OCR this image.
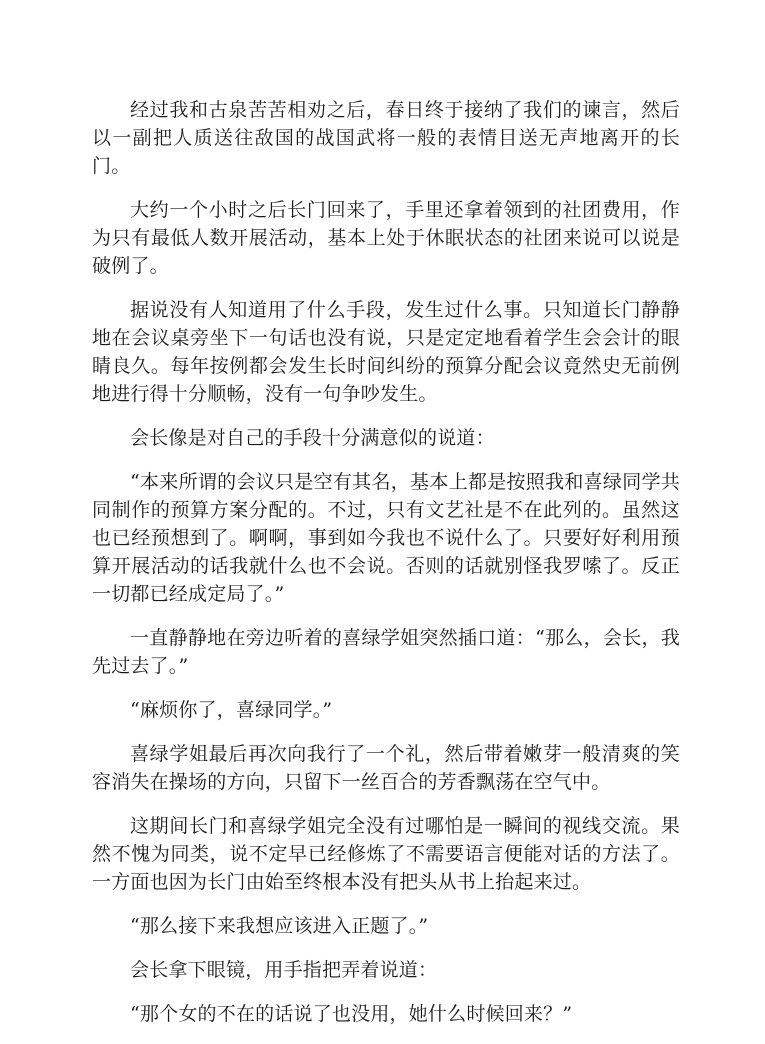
经过我和古泉苦苦相劝之后，春日终于接纳了我们的谏言，然后以一副把人质送往敌国的战国武将一般的表情目送无声地离开的长门。

大约一个小时之后长门回来了，手里还拿着领到的社团费用，作为只有最低人数开展活动，基本上处于休眠状态的社团来说可以说是破例了。

据说没有人知道用了什么手段，发生过什么事。只知道长门静静地在会议桌旁坐下一句话也没有说，只是定定地看着学生会会计的眼睛良久。每年按例都会发生长时间纠纷的预算分配会议竟然史无前例地进行得十分顺畅，没有一句争吵发生。

会长像是对自己的手段十分满意似的说道：

“本来所谓的会议只是空有其名，基本上都是按照我和喜绿同学共同制作的预算方案分配的。不过，只有文艺社是不在此列的。虽然这也已经预想到了。啊啊，事到如今我也不说什么了。只要好好利用预算开展活动的话我就什么也不会说。否则的话就别怪我罗嗦了。反正一切都已经成定局了。”

一直静静地在旁边听着的喜绿学姐突然插口道：“那么，会长，我先过去了。”

“麻烦你了，喜绿同学。”

喜绿学姐最后再次向我行了一个礼，然后带着嫩芽一般清爽的笑容消失在操场的方向，只留下一丝百合的芳香飘荡在空气中。

这期间长门和喜绿学姐完全没有过哪怕是一瞬间的视线交流。果然不愧为同类，说不定早已经修炼了不需要语言便能对话的方法了。一方面也因为长门由始至终根本没有把头从书上抬起来过。

“那么接下来我想应该进入正题了。”

会长拿下眼镜，用手指把弄着说道：

“那个女的不在的话说了也没用，她什么时候回来？”
